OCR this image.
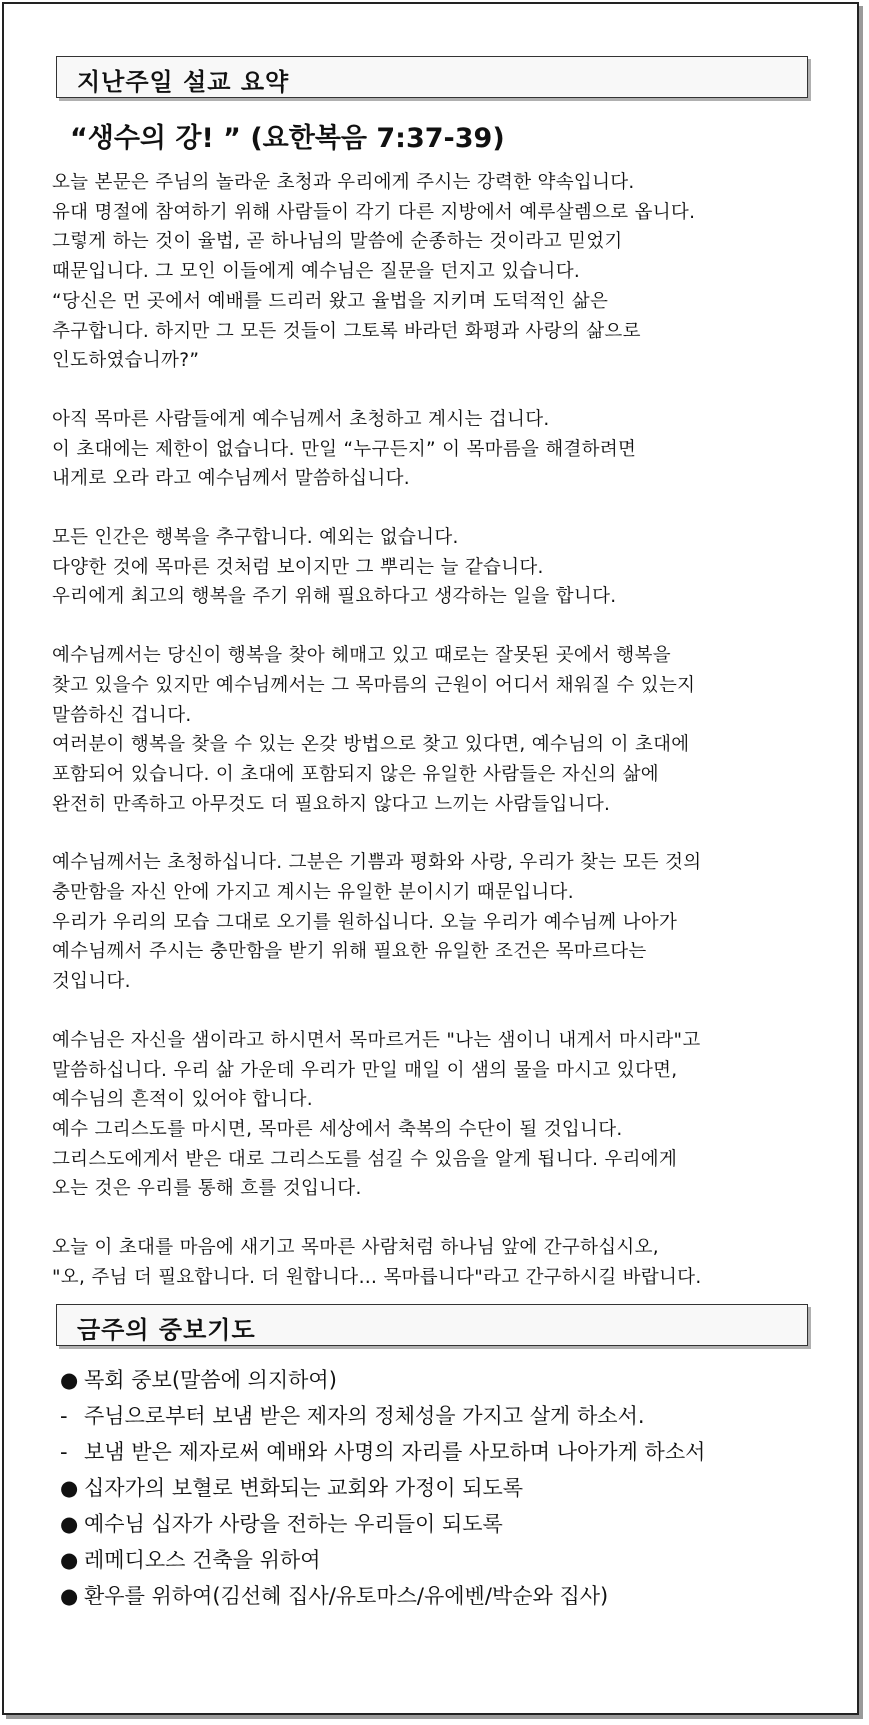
지난주일 설교 요약
“생수의 강! ” (요한복음 7:37-39)
오늘 본문은 주님의 놀라운 초청과 우리에게 주시는 강력한 약속입니다.
유대 명절에 참여하기 위해 사람들이 각기 다른 지방에서 예루살렘으로 옵니다.
그렇게 하는 것이 율법, 곧 하나님의 말씀에 순종하는 것이라고 믿었기
때문입니다. 그 모인 이들에게 예수님은 질문을 던지고 있습니다.
“당신은 먼 곳에서 예배를 드리러 왔고 율법을 지키며 도덕적인 삶은
추구합니다. 하지만 그 모든 것들이 그토록 바라던 화평과 사랑의 삶으로
인도하였습니까?”
아직 목마른 사람들에게 예수님께서 초청하고 계시는 겁니다.
이 초대에는 제한이 없습니다. 만일 “누구든지” 이 목마름을 해결하려면
내게로 오라 라고 예수님께서 말씀하십니다.
모든 인간은 행복을 추구합니다. 예외는 없습니다.
다양한 것에 목마른 것처럼 보이지만 그 뿌리는 늘 같습니다.
우리에게 최고의 행복을 주기 위해 필요하다고 생각하는 일을 합니다.
예수님께서는 당신이 행복을 찾아 헤매고 있고 때로는 잘못된 곳에서 행복을
찾고 있을수 있지만 예수님께서는 그 목마름의 근원이 어디서 채워질 수 있는지
말씀하신 겁니다.
여러분이 행복을 찾을 수 있는 온갖 방법으로 찾고 있다면, 예수님의 이 초대에
포함되어 있습니다. 이 초대에 포함되지 않은 유일한 사람들은 자신의 삶에
완전히 만족하고 아무것도 더 필요하지 않다고 느끼는 사람들입니다.
예수님께서는 초청하십니다. 그분은 기쁨과 평화와 사랑, 우리가 찾는 모든 것의
충만함을 자신 안에 가지고 계시는 유일한 분이시기 때문입니다.
우리가 우리의 모습 그대로 오기를 원하십니다. 오늘 우리가 예수님께 나아가
예수님께서 주시는 충만함을 받기 위해 필요한 유일한 조건은 목마르다는
것입니다.
예수님은 자신을 샘이라고 하시면서 목마르거든 "나는 샘이니 내게서 마시라"고
말씀하십니다. 우리 삶 가운데 우리가 만일 매일 이 샘의 물을 마시고 있다면,
예수님의 흔적이 있어야 합니다.
예수 그리스도를 마시면, 목마른 세상에서 축복의 수단이 될 것입니다.
그리스도에게서 받은 대로 그리스도를 섬길 수 있음을 알게 됩니다. 우리에게
오는 것은 우리를 통해 흐를 것입니다.
오늘 이 초대를 마음에 새기고 목마른 사람처럼 하나님 앞에 간구하십시오,
"오, 주님 더 필요합니다. 더 원합니다… 목마릅니다"라고 간구하시길 바랍니다.
금주의 중보기도
● 목회 중보(말씀에 의지하여)
- 주님으로부터 보냄 받은 제자의 정체성을 가지고 살게 하소서.
- 보냄 받은 제자로써 예배와 사명의 자리를 사모하며 나아가게 하소서
● 십자가의 보혈로 변화되는 교회와 가정이 되도록
● 예수님 십자가 사랑을 전하는 우리들이 되도록
● 레메디오스 건축을 위하여
● 환우를 위하여(김선혜 집사/유토마스/유에벤/박순와 집사)
